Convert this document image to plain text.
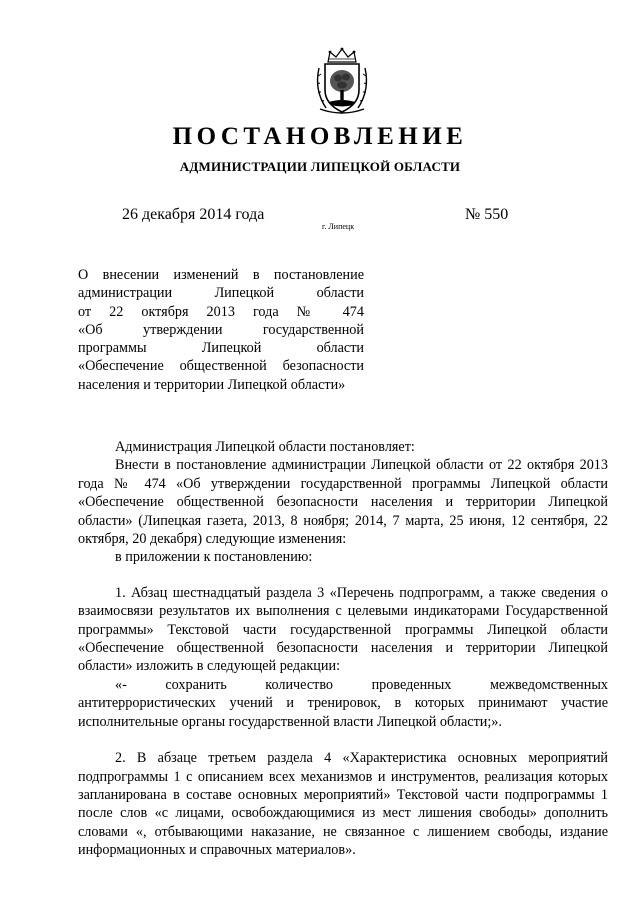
ПОСТАНОВЛЕНИЕ
АДМИНИСТРАЦИИ ЛИПЕЦКОЙ ОБЛАСТИ
26 декабря 2014 года
г. Липецк
№ 550
О внесении изменений в постановление
администрации Липецкой области
от 22 октября 2013 года № 474
«Об утверждении государственной
программы Липецкой области
«Обеспечение общественной безопасности
населения и территории Липецкой области»

Администрация Липецкой области постановляет:

Внести в постановление администрации Липецкой области от 22 октября 2013 года № 474 «Об утверждении государственной программы Липецкой области «Обеспечение общественной безопасности населения и территории Липецкой области» (Липецкая газета, 2013, 8 ноября; 2014, 7 марта, 25 июня, 12 сентября, 22 октября, 20 декабря) следующие изменения:

в приложении к постановлению:

1. Абзац шестнадцатый раздела 3 «Перечень подпрограмм, а также сведения о взаимосвязи результатов их выполнения с целевыми индикаторами Государственной программы» Текстовой части государственной программы Липецкой области «Обеспечение общественной безопасности населения и территории Липецкой области» изложить в следующей редакции:

«- сохранить количество проведенных межведомственных антитеррористических учений и тренировок, в которых принимают участие исполнительные органы государственной власти Липецкой области;».

2. В абзаце третьем раздела 4 «Характеристика основных мероприятий подпрограммы 1 с описанием всех механизмов и инструментов, реализация которых запланирована в составе основных мероприятий» Текстовой части подпрограммы 1 после слов «с лицами, освобождающимися из мест лишения свободы» дополнить словами «, отбывающими наказание, не связанное с лишением свободы, издание информационных и справочных материалов».
